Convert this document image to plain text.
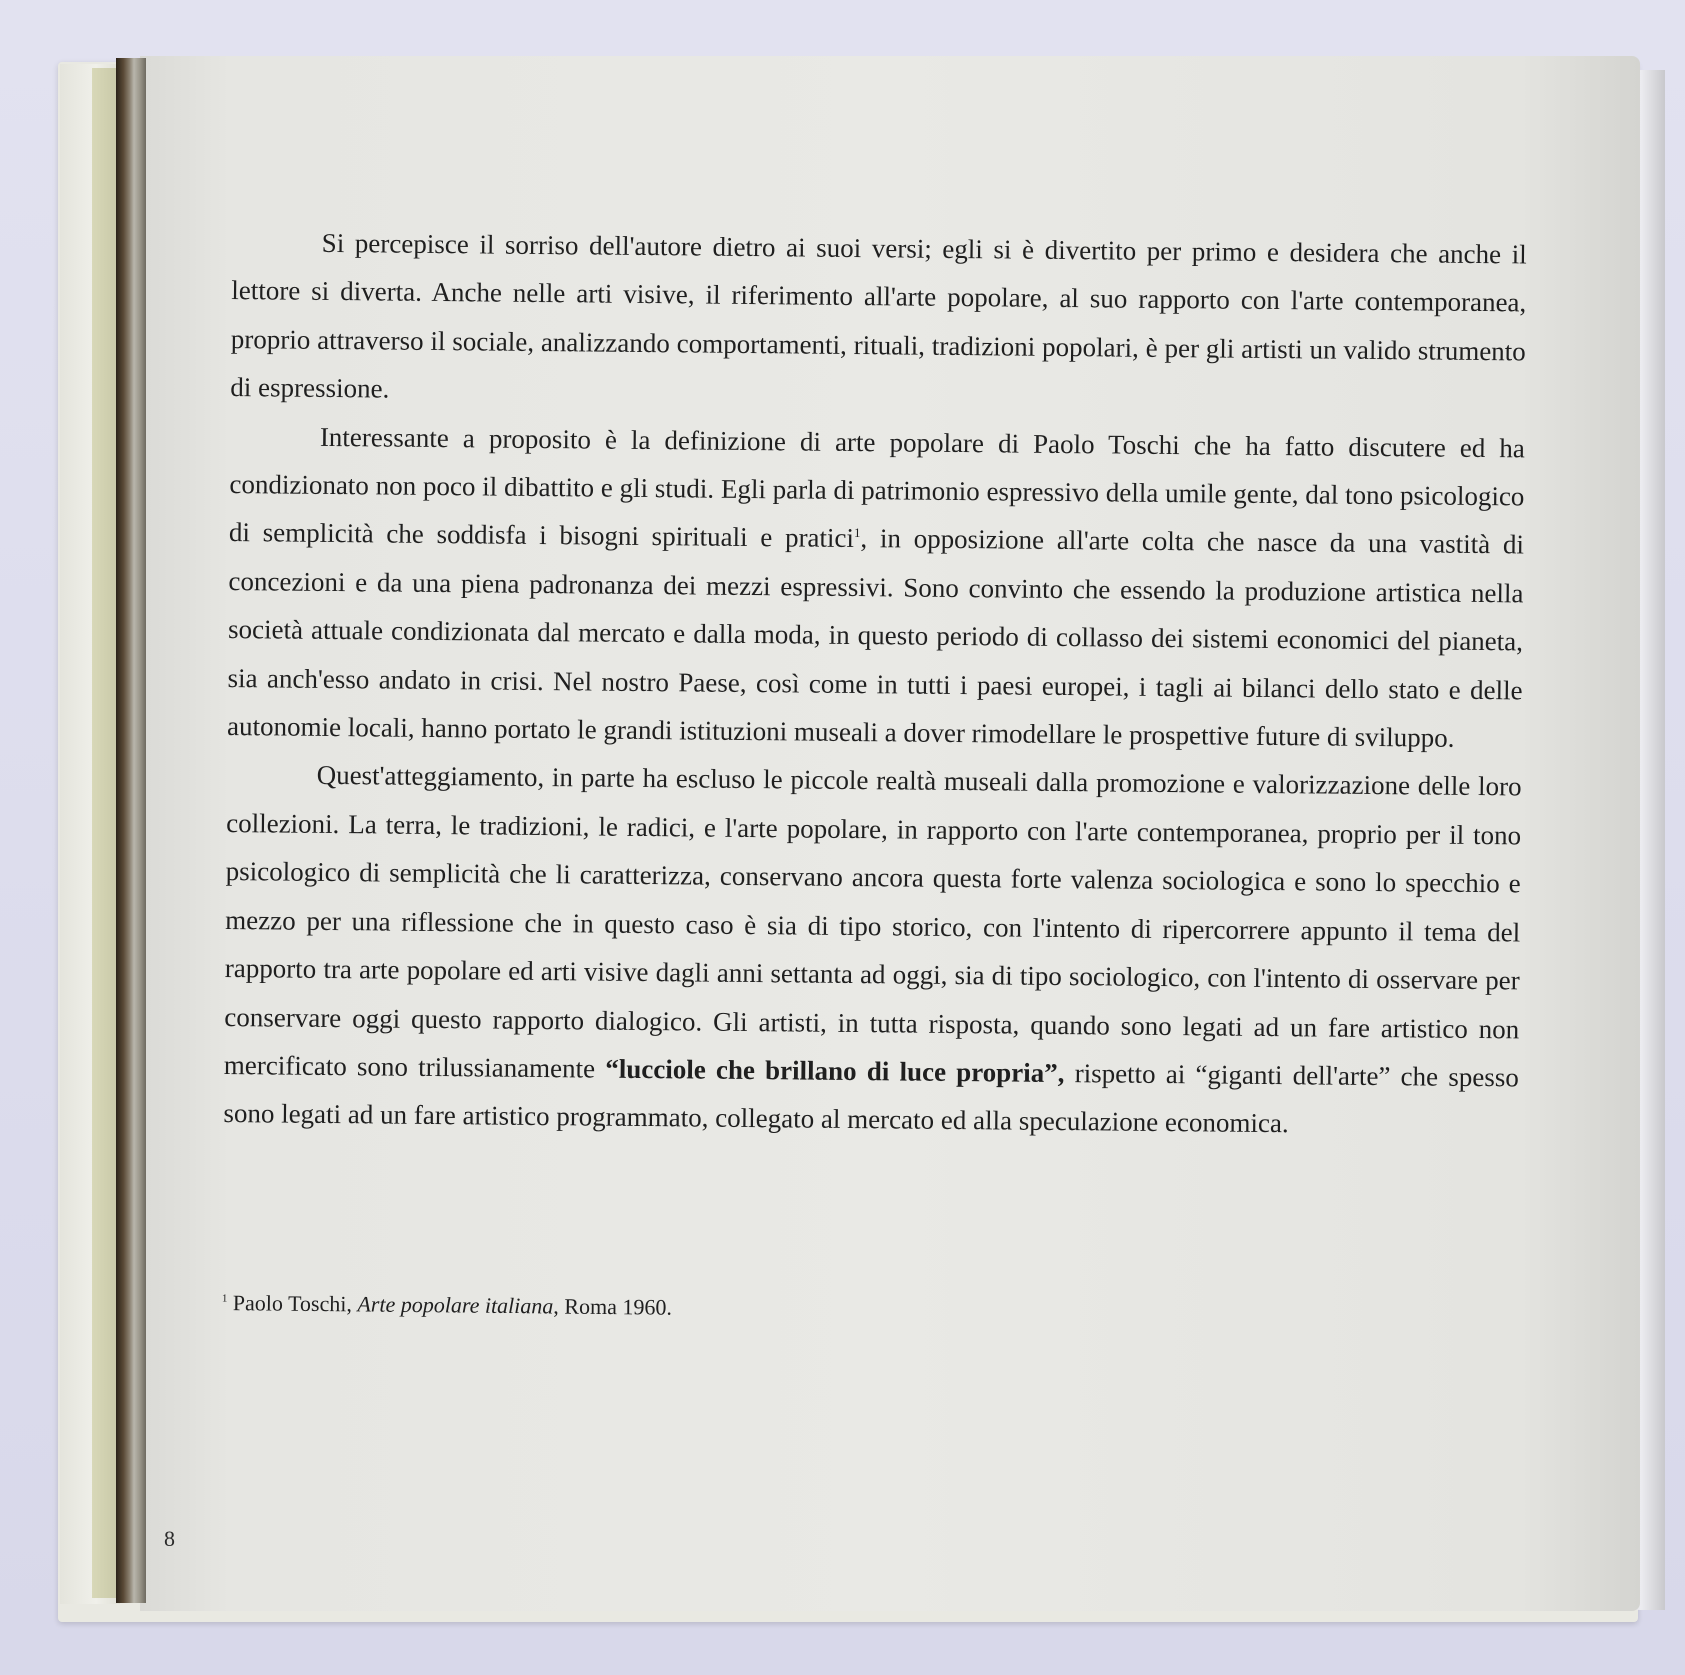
Si percepisce il sorriso dell'autore dietro ai suoi versi; egli si è divertito per primo e desidera che anche il lettore si diverta. Anche nelle arti visive, il riferimento all'arte popolare, al suo rapporto con l'arte contemporanea, proprio attraverso il sociale, analizzando comportamenti, rituali, tradizioni popolari, è per gli artisti un valido strumento di espressione.

Interessante a proposito è la definizione di arte popolare di Paolo Toschi che ha fatto discutere ed ha condizionato non poco il dibattito e gli studi. Egli parla di patrimonio espressivo della umile gente, dal tono psicologico di semplicità che soddisfa i bisogni spirituali e pratici$^1$, in opposizione all'arte colta che nasce da una vastità di concezioni e da una piena padronanza dei mezzi espressivi. Sono convinto che essendo la produzione artistica nella società attuale condizionata dal mercato e dalla moda, in questo periodo di collasso dei sistemi economici del pianeta, sia anch'esso andato in crisi. Nel nostro Paese, così come in tutti i paesi europei, i tagli ai bilanci dello stato e delle autonomie locali, hanno portato le grandi istituzioni museali a dover rimodellare le prospettive future di sviluppo.

Quest'atteggiamento, in parte ha escluso le piccole realtà museali dalla promozione e valorizzazione delle loro collezioni. La terra, le tradizioni, le radici, e l'arte popolare, in rapporto con l'arte contemporanea, proprio per il tono psicologico di semplicità che li caratterizza, conservano ancora questa forte valenza sociologica e sono lo specchio e mezzo per una riflessione che in questo caso è sia di tipo storico, con l'intento di ripercorrere appunto il tema del rapporto tra arte popolare ed arti visive dagli anni settanta ad oggi, sia di tipo sociologico, con l'intento di osservare per conservare oggi questo rapporto dialogico. Gli artisti, in tutta risposta, quando sono legati ad un fare artistico non mercificato sono trilussianamente “lucciole che brillano di luce propria”, rispetto ai “giganti dell'arte” che spesso sono legati ad un fare artistico programmato, collegato al mercato ed alla speculazione economica.

$^1$ Paolo Toschi, Arte popolare italiana, Roma 1960.
8
